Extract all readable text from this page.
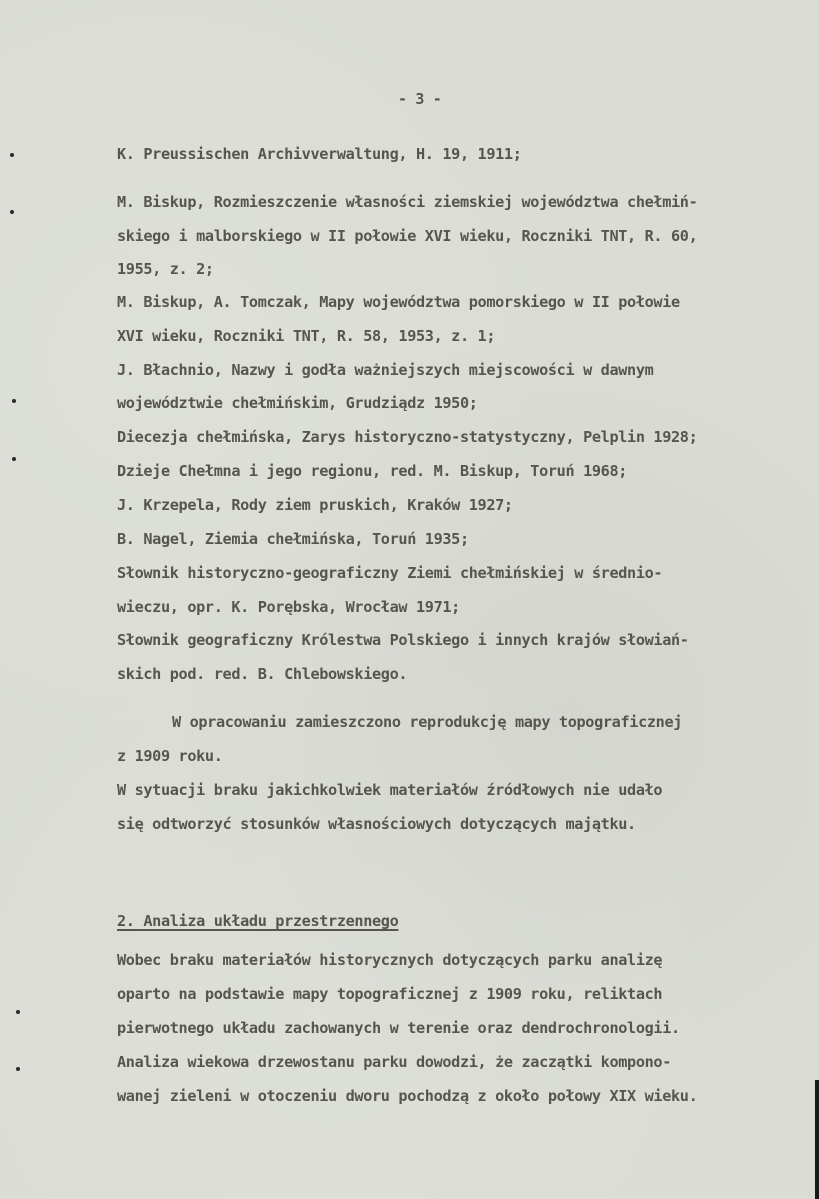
- 3 -
K. Preussischen Archivverwaltung, H. 19, 1911;
M. Biskup, Rozmieszczenie własności ziemskiej województwa chełmiń-
skiego i malborskiego w II połowie XVI wieku, Roczniki TNT, R. 60,
1955, z. 2;
M. Biskup, A. Tomczak, Mapy województwa pomorskiego w II połowie
XVI wieku, Roczniki TNT, R. 58, 1953, z. 1;
J. Błachnio, Nazwy i godła ważniejszych miejscowości w dawnym
województwie chełmińskim, Grudziądz 1950;
Diecezja chełmińska, Zarys historyczno-statystyczny, Pelplin 1928;
Dzieje Chełmna i jego regionu, red. M. Biskup, Toruń 1968;
J. Krzepela, Rody ziem pruskich, Kraków 1927;
B. Nagel, Ziemia chełmińska, Toruń 1935;
Słownik historyczno-geograficzny Ziemi chełmińskiej w średnio-
wieczu, opr. K. Porębska, Wrocław 1971;
Słownik geograficzny Królestwa Polskiego i innych krajów słowiań-
skich pod. red. B. Chlebowskiego.
W opracowaniu zamieszczono reprodukcję mapy topograficznej
z 1909 roku.
W sytuacji braku jakichkolwiek materiałów źródłowych nie udało
się odtworzyć stosunków własnościowych dotyczących majątku.
2. Analiza układu przestrzennego
Wobec braku materiałów historycznych dotyczących parku analizę
oparto na podstawie mapy topograficznej z 1909 roku, reliktach
pierwotnego układu zachowanych w terenie oraz dendrochronologii.
Analiza wiekowa drzewostanu parku dowodzi, że zaczątki kompono-
wanej zieleni w otoczeniu dworu pochodzą z około połowy XIX wieku.
